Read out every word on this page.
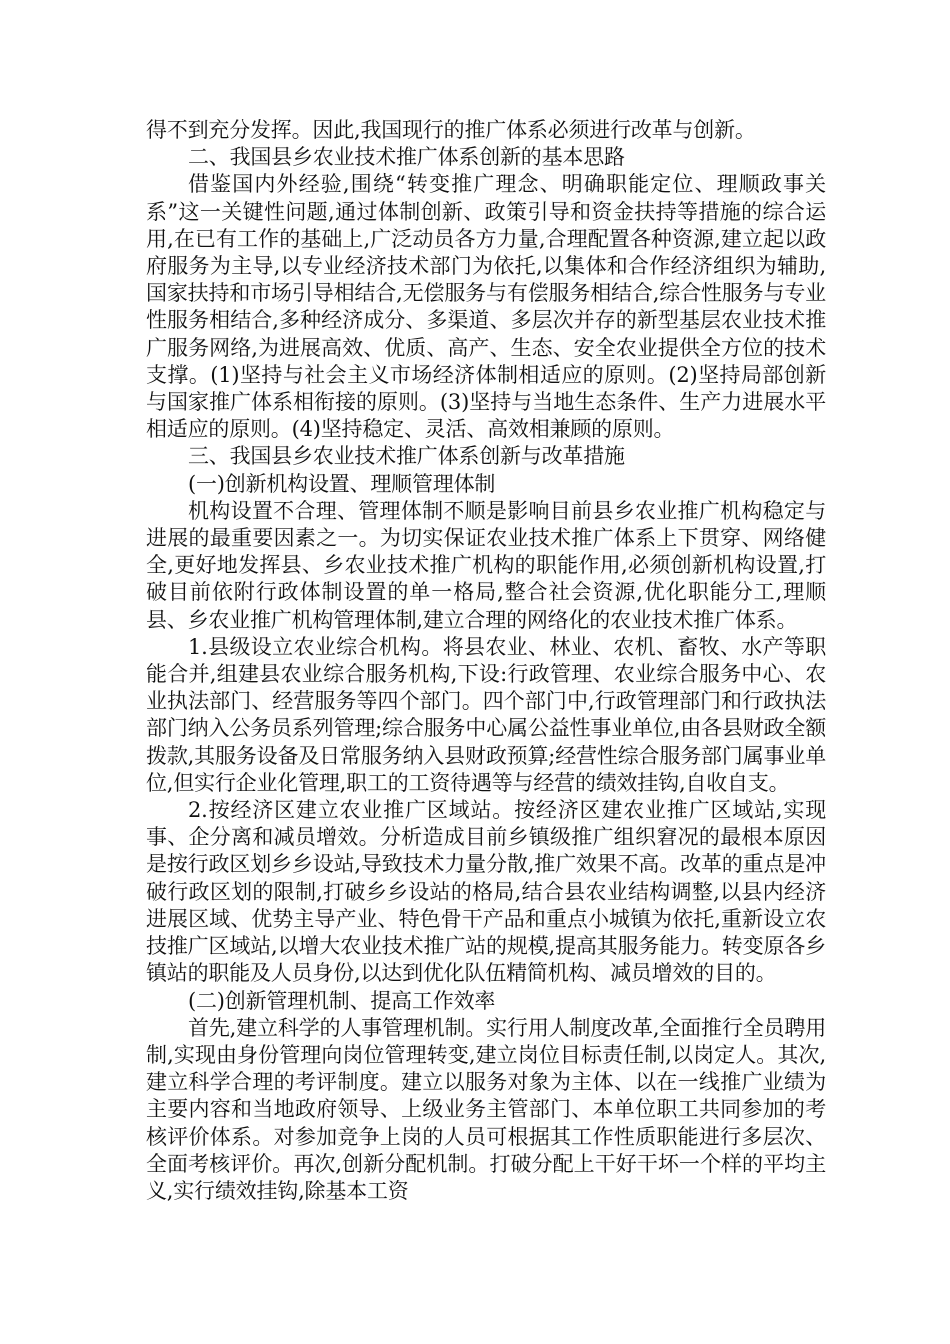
得不到充分发挥。因此,我国现行的推广体系必须进行改革与创新。

二、我国县乡农业技术推广体系创新的基本思路

借鉴国内外经验,围绕“转变推广理念、明确职能定位、理顺政事关系”这一关键性问题,通过体制创新、政策引导和资金扶持等措施的综合运用,在已有工作的基础上,广泛动员各方力量,合理配置各种资源,建立起以政府服务为主导,以专业经济技术部门为依托,以集体和合作经济组织为辅助,国家扶持和市场引导相结合,无偿服务与有偿服务相结合,综合性服务与专业性服务相结合,多种经济成分、多渠道、多层次并存的新型基层农业技术推广服务网络,为进展高效、优质、高产、生态、安全农业提供全方位的技术支撑。(1)坚持与社会主义市场经济体制相适应的原则。(2)坚持局部创新与国家推广体系相衔接的原则。(3)坚持与当地生态条件、生产力进展水平相适应的原则。(4)坚持稳定、灵活、高效相兼顾的原则。

三、我国县乡农业技术推广体系创新与改革措施

(一)创新机构设置、理顺管理体制

机构设置不合理、管理体制不顺是影响目前县乡农业推广机构稳定与进展的最重要因素之一。为切实保证农业技术推广体系上下贯穿、网络健全,更好地发挥县、乡农业技术推广机构的职能作用,必须创新机构设置,打破目前依附行政体制设置的单一格局,整合社会资源,优化职能分工,理顺县、乡农业推广机构管理体制,建立合理的网络化的农业技术推广体系。

1.县级设立农业综合机构。将县农业、林业、农机、畜牧、水产等职能合并,组建县农业综合服务机构,下设:行政管理、农业综合服务中心、农业执法部门、经营服务等四个部门。四个部门中,行政管理部门和行政执法部门纳入公务员系列管理;综合服务中心属公益性事业单位,由各县财政全额拨款,其服务设备及日常服务纳入县财政预算;经营性综合服务部门属事业单位,但实行企业化管理,职工的工资待遇等与经营的绩效挂钩,自收自支。

2.按经济区建立农业推广区域站。按经济区建农业推广区域站,实现事、企分离和减员增效。分析造成目前乡镇级推广组织窘况的最根本原因是按行政区划乡乡设站,导致技术力量分散,推广效果不高。改革的重点是冲破行政区划的限制,打破乡乡设站的格局,结合县农业结构调整,以县内经济进展区域、优势主导产业、特色骨干产品和重点小城镇为依托,重新设立农技推广区域站,以增大农业技术推广站的规模,提高其服务能力。转变原各乡镇站的职能及人员身份,以达到优化队伍精简机构、减员增效的目的。

(二)创新管理机制、提高工作效率

首先,建立科学的人事管理机制。实行用人制度改革,全面推行全员聘用制,实现由身份管理向岗位管理转变,建立岗位目标责任制,以岗定人。其次,建立科学合理的考评制度。建立以服务对象为主体、以在一线推广业绩为主要内容和当地政府领导、上级业务主管部门、本单位职工共同参加的考核评价体系。对参加竞争上岗的人员可根据其工作性质职能进行多层次、全面考核评价。再次,创新分配机制。打破分配上干好干坏一个样的平均主义,实行绩效挂钩,除基本工资
